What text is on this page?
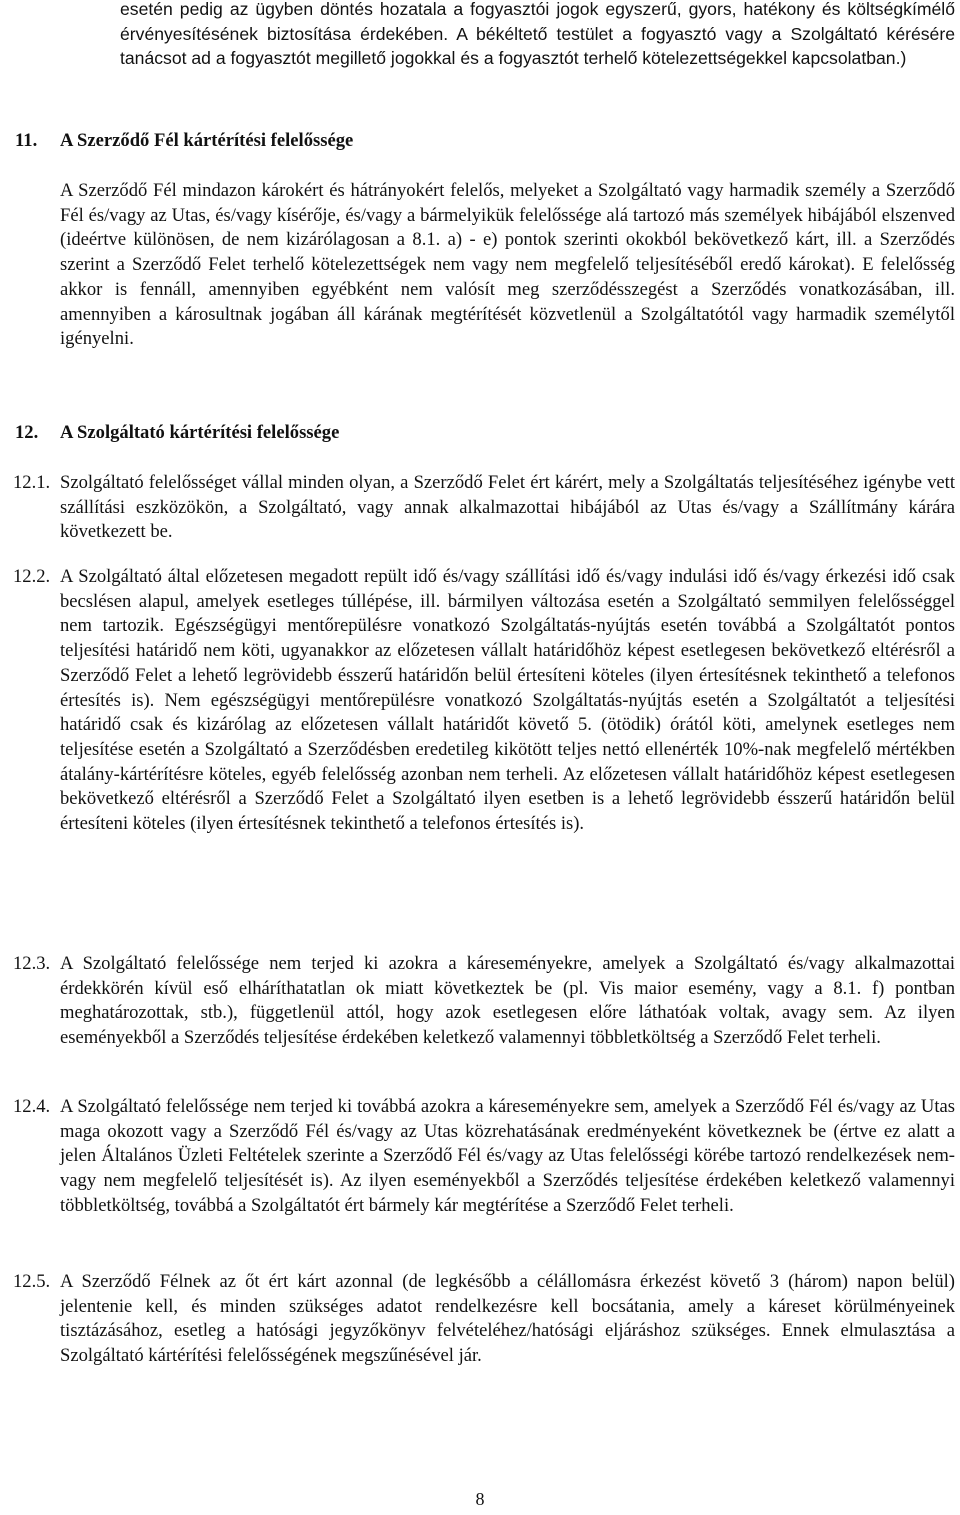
esetén pedig az ügyben döntés hozatala a fogyasztói jogok egyszerű, gyors, hatékony és költségkímélő érvényesítésének biztosítása érdekében. A békéltető testület a fogyasztó vagy a Szolgáltató kérésére tanácsot ad a fogyasztót megillető jogokkal és a fogyasztót terhelő kötelezettségekkel kapcsolatban.)

11. A Szerződő Fél kártérítési felelőssége

A Szerződő Fél mindazon károkért és hátrányokért felelős, melyeket a Szolgáltató vagy harmadik személy a Szerződő Fél és/vagy az Utas, és/vagy kísérője, és/vagy a bármelyikük felelőssége alá tartozó más személyek hibájából elszenved (ideértve különösen, de nem kizárólagosan a 8.1. a) - e) pontok szerinti okokból bekövetkező kárt, ill. a Szerződés szerint a Szerződő Felet terhelő kötelezettségek nem vagy nem megfelelő teljesítéséből eredő károkat). E felelősség akkor is fennáll, amennyiben egyébként nem valósít meg szerződésszegést a Szerződés vonatkozásában, ill. amennyiben a károsultnak jogában áll kárának megtérítését közvetlenül a Szolgáltatótól vagy harmadik személytől igényelni.

12. A Szolgáltató kártérítési felelőssége
12.1. Szolgáltató felelősséget vállal minden olyan, a Szerződő Felet ért kárért, mely a Szolgáltatás teljesítéséhez igénybe vett szállítási eszközökön, a Szolgáltató, vagy annak alkalmazottai hibájából az Utas és/vagy a Szállítmány kárára következett be.

12.2. A Szolgáltató által előzetesen megadott repült idő és/vagy szállítási idő és/vagy indulási idő és/vagy érkezési idő csak becslésen alapul, amelyek esetleges túllépése, ill. bármilyen változása esetén a Szolgáltató semmilyen felelősséggel nem tartozik. Egészségügyi mentőrepülésre vonatkozó Szolgáltatás-nyújtás esetén továbbá a Szolgáltatót pontos teljesítési határidő nem köti, ugyanakkor az előzetesen vállalt határidőhöz képest esetlegesen bekövetkező eltérésről a Szerződő Felet a lehető legrövidebb ésszerű határidőn belül értesíteni köteles (ilyen értesítésnek tekinthető a telefonos értesítés is). Nem egészségügyi mentőrepülésre vonatkozó Szolgáltatás-nyújtás esetén a Szolgáltatót a teljesítési határidő csak és kizárólag az előzetesen vállalt határidőt követő 5. (ötödik) órától köti, amelynek esetleges nem teljesítése esetén a Szolgáltató a Szerződésben eredetileg kikötött teljes nettó ellenérték 10%-nak megfelelő mértékben átalány-kártérítésre köteles, egyéb felelősség azonban nem terheli. Az előzetesen vállalt határidőhöz képest esetlegesen bekövetkező eltérésről a Szerződő Felet a Szolgáltató ilyen esetben is a lehető legrövidebb ésszerű határidőn belül értesíteni köteles (ilyen értesítésnek tekinthető a telefonos értesítés is).

12.3. A Szolgáltató felelőssége nem terjed ki azokra a káreseményekre, amelyek a Szolgáltató és/vagy alkalmazottai érdekkörén kívül eső elháríthatatlan ok miatt következtek be (pl. Vis maior esemény, vagy a 8.1. f) pontban meghatározottak, stb.), függetlenül attól, hogy azok esetlegesen előre láthatóak voltak, avagy sem. Az ilyen eseményekből a Szerződés teljesítése érdekében keletkező valamennyi többletköltség a Szerződő Felet terheli.

12.4. A Szolgáltató felelőssége nem terjed ki továbbá azokra a káreseményekre sem, amelyek a Szerződő Fél és/vagy az Utas maga okozott vagy a Szerződő Fél és/vagy az Utas közrehatásának eredményeként következnek be (értve ez alatt a jelen Általános Üzleti Feltételek szerinte a Szerződő Fél és/vagy az Utas felelősségi körébe tartozó rendelkezések nem- vagy nem megfelelő teljesítését is). Az ilyen eseményekből a Szerződés teljesítése érdekében keletkező valamennyi többletköltség, továbbá a Szolgáltatót ért bármely kár megtérítése a Szerződő Felet terheli.

12.5. A Szerződő Félnek az őt ért kárt azonnal (de legkésőbb a célállomásra érkezést követő 3 (három) napon belül) jelentenie kell, és minden szükséges adatot rendelkezésre kell bocsátania, amely a káreset körülményeinek tisztázásához, esetleg a hatósági jegyzőkönyv felvételéhez/hatósági eljáráshoz szükséges. Ennek elmulasztása a Szolgáltató kártérítési felelősségének megszűnésével jár.

8
